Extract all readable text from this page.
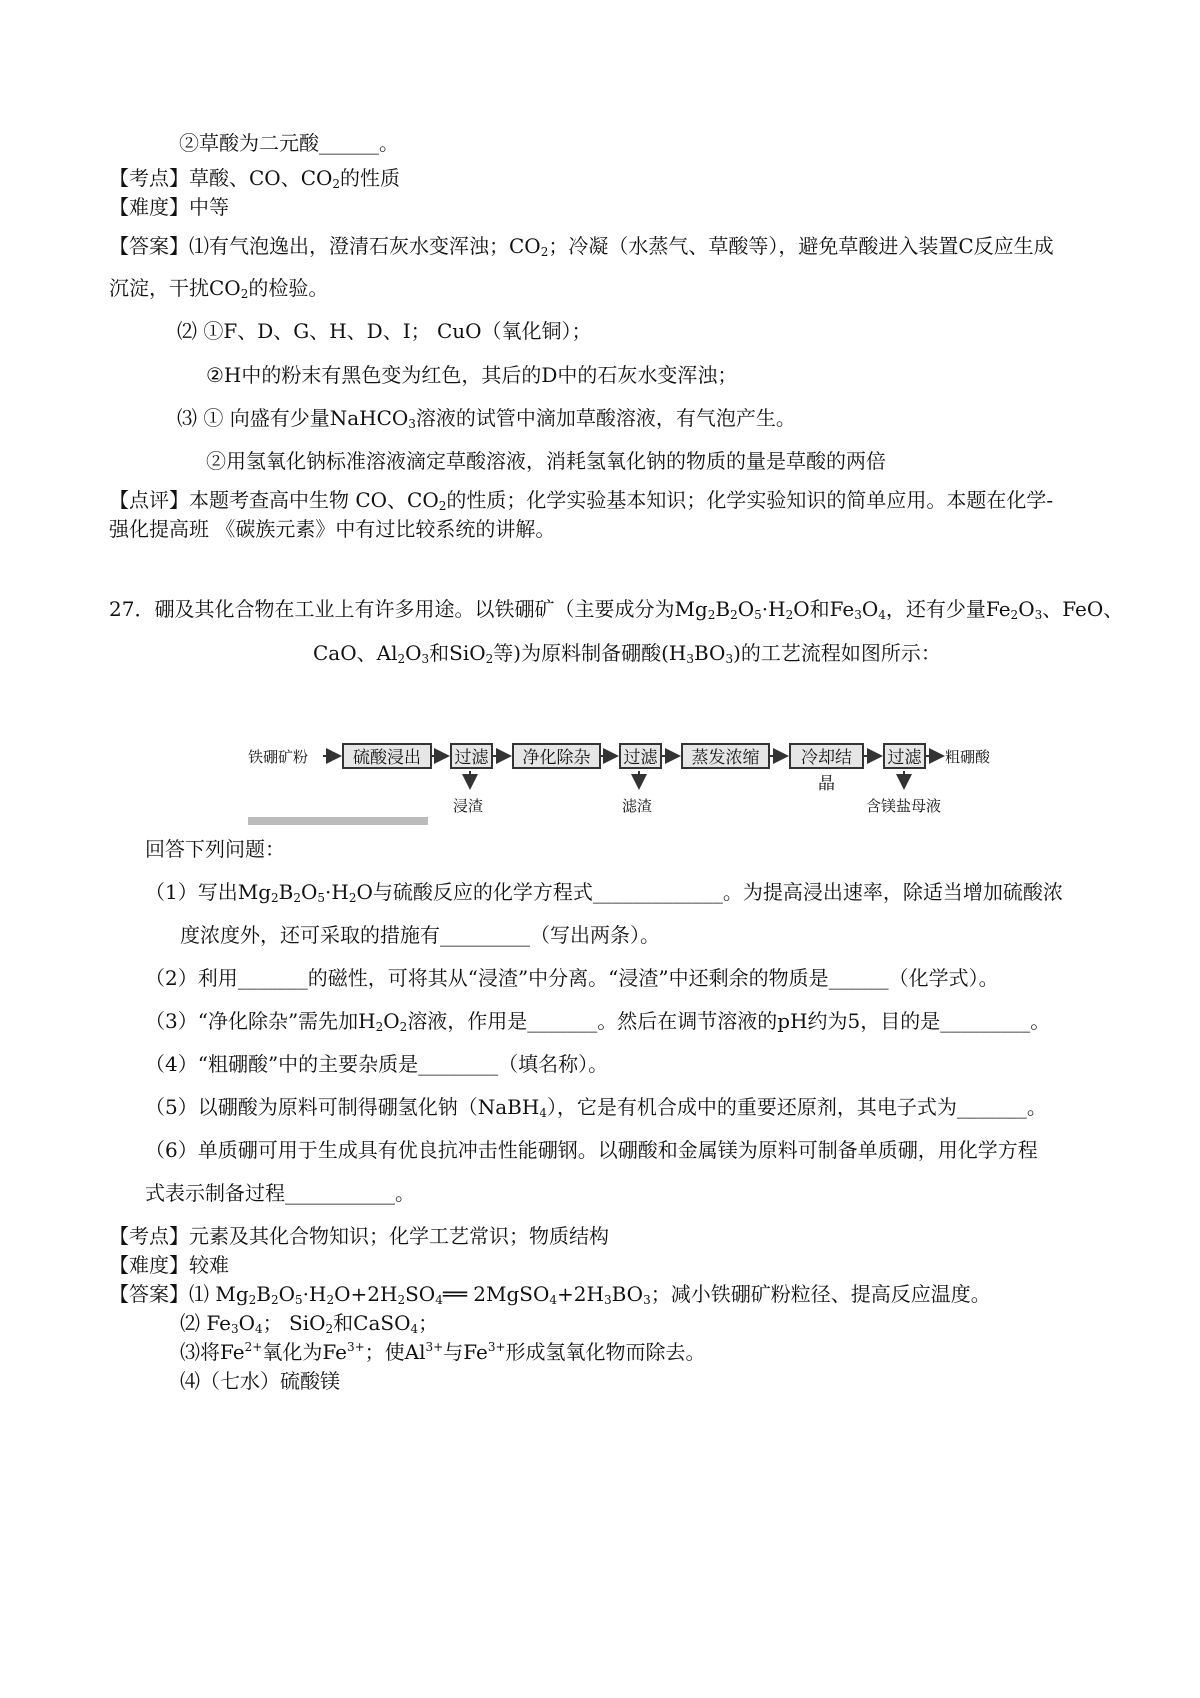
②草酸为二元酸______。
【考点】草酸、CO、$CO_2$的性质
【难度】中等
【答案】⑴有气泡逸出，澄清石灰水变浑浊；$CO_2$；冷凝（水蒸气、草酸等），避免草酸进入装置C反应生成
沉淀，干扰$CO_2$的检验。
⑵ ①F、D、G、H、D、I； CuO（氧化铜）；
②H中的粉末有黑色变为红色，其后的D中的石灰水变浑浊；
⑶ ① 向盛有少量NaHCO$_3$溶液的试管中滴加草酸溶液，有气泡产生。
②用氢氧化钠标准溶液滴定草酸溶液，消耗氢氧化钠的物质的量是草酸的两倍
【点评】本题考查高中生物 CO、$CO_2$的性质；化学实验基本知识；化学实验知识的简单应用。本题在化学-
强化提高班 《碳族元素》中有过比较系统的讲解。
27．硼及其化合物在工业上有许多用途。以铁硼矿（主要成分为$Mg_2B_2O_5\cdot H_2O$和$Fe_3O_4$，还有少量$Fe_2O_3$、FeO、
CaO、$Al_2O_3$和SiO$_2$等)为原料制备硼酸$(H_3BO_3)$的工艺流程如图所示：
铁硼矿粉	硫酸浸出	过滤	净化除杂	过滤	蒸发浓缩	冷却结晶
过滤	粗硼酸
浸渣	滤渣	含镁盐母液
回答下列问题：
（1）写出$Mg_2B_2O_5\cdot H_2O$与硫酸反应的化学方程式_____________。为提高浸出速率，除适当增加硫酸浓
度浓度外，还可采取的措施有_________（写出两条）。
（2）利用_______的磁性，可将其从“浸渣”中分离。“浸渣”中还剩余的物质是______（化学式）。
（3）“净化除杂”需先加$H_2O_2$溶液，作用是_______。然后在调节溶液的pH约为5，目的是_________。
（4）“粗硼酸”中的主要杂质是________（填名称）。
（5）以硼酸为原料可制得硼氢化钠（NaBH$_4$），它是有机合成中的重要还原剂，其电子式为_______。
（6）单质硼可用于生成具有优良抗冲击性能硼钢。以硼酸和金属镁为原料可制备单质硼，用化学方程
式表示制备过程___________。
【考点】元素及其化合物知识；化学工艺常识；物质结构
【难度】较难
【答案】⑴ $Mg_2B_2O_5\cdot H_2O+2H_2SO_4══$ $2MgSO_4+2H_3BO_3$；减小铁硼矿粉粒径、提高反应温度。
⑵ $Fe_3O_4$； SiO$_2$和CaSO$_4$；
⑶将$Fe^{2+}$氧化为$Fe^{3+}$；使$Al^{3+}$与$Fe^{3+}$形成氢氧化物而除去。
⑷（七水）硫酸镁
